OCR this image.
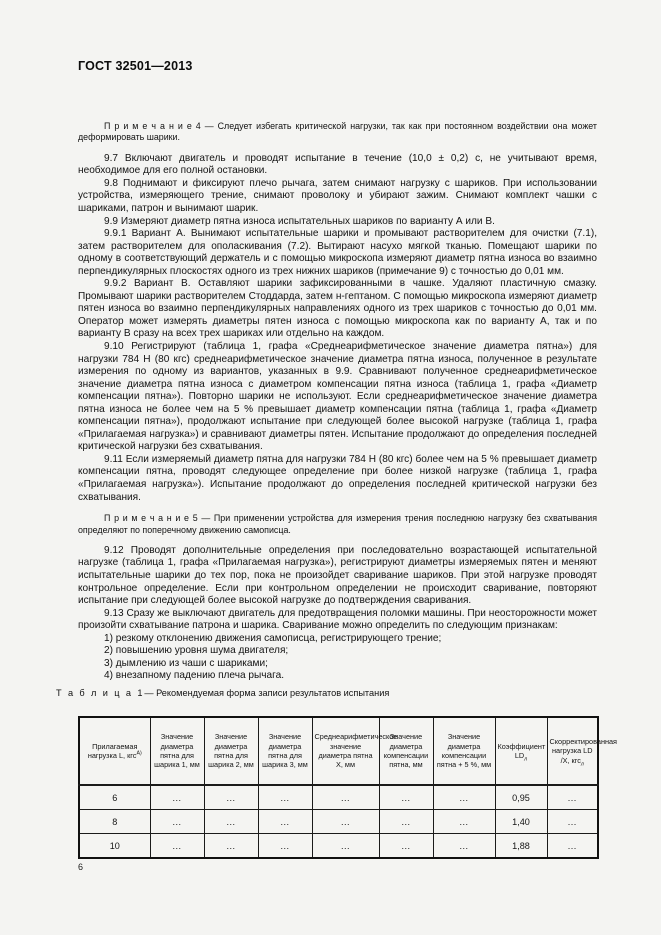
ГОСТ 32501—2013

П р и м е ч а н и е 4 — Следует избегать критической нагрузки, так как при постоянном воздействии она может деформировать шарики.

9.7 Включают двигатель и проводят испытание в течение (10,0 ± 0,2) с, не учитывают время, необходимое для его полной остановки.

9.8 Поднимают и фиксируют плечо рычага, затем снимают нагрузку с шариков. При использовании устройства, измеряющего трение, снимают проволоку и убирают зажим. Снимают комплект чашки с шариками, патрон и вынимают шарик.

9.9 Измеряют диаметр пятна износа испытательных шариков по варианту А или В.

9.9.1 Вариант А. Вынимают испытательные шарики и промывают растворителем для очистки (7.1), затем растворителем для ополаскивания (7.2). Вытирают насухо мягкой тканью. Помещают шарики по одному в соответствующий держатель и с помощью микроскопа измеряют диаметр пятна износа во взаимно перпендикулярных плоскостях одного из трех нижних шариков (примечание 9) с точностью до 0,01 мм.

9.9.2 Вариант В. Оставляют шарики зафиксированными в чашке. Удаляют пластичную смазку. Промывают шарики растворителем Стоддарда, затем н-гептаном. С помощью микроскопа измеряют диаметр пятен износа во взаимно перпендикулярных направлениях одного из трех шариков с точностью до 0,01 мм. Оператор может измерять диаметры пятен износа с помощью микроскопа как по варианту А, так и по варианту В сразу на всех трех шариках или отдельно на каждом.

9.10 Регистрируют (таблица 1, графа «Среднеарифметическое значение диаметра пятна») для нагрузки 784 Н (80 кгс) среднеарифметическое значение диаметра пятна износа, полученное в результате измерения по одному из вариантов, указанных в 9.9. Сравнивают полученное среднеарифметическое значение диаметра пятна износа с диаметром компенсации пятна износа (таблица 1, графа «Диаметр компенсации пятна»). Повторно шарики не используют. Если среднеарифметическое значение диаметра пятна износа не более чем на 5 % превышает диаметр компенсации пятна (таблица 1, графа «Диаметр компенсации пятна»), продолжают испытание при следующей более высокой нагрузке (таблица 1, графа «Прилагаемая нагрузка») и сравнивают диаметры пятен. Испытание продолжают до определения последней критической нагрузки без схватывания.

9.11 Если измеряемый диаметр пятна для нагрузки 784 Н (80 кгс) более чем на 5 % превышает диаметр компенсации пятна, проводят следующее определение при более низкой нагрузке (таблица 1, графа «Прилагаемая нагрузка»). Испытание продолжают до определения последней критической нагрузки без схватывания.

П р и м е ч а н и е 5 — При применении устройства для измерения трения последнюю нагрузку без схватывания определяют по поперечному движению самописца.

9.12 Проводят дополнительные определения при последовательно возрастающей испытательной нагрузке (таблица 1, графа «Прилагаемая нагрузка»), регистрируют диаметры измеряемых пятен и меняют испытательные шарики до тех пор, пока не произойдет сваривание шариков. При этой нагрузке проводят контрольное определение. Если при контрольном определении не происходит сваривание, повторяют испытание при следующей более высокой нагрузке до подтверждения сваривания.

9.13 Сразу же выключают двигатель для предотвращения поломки машины. При неосторожности может произойти схватывание патрона и шарика. Сваривание можно определить по следующим признакам:

1) резкому отклонению движения самописца, регистрирующего трение;

2) повышению уровня шума двигателя;

3) дымлению из чаши с шариками;

4) внезапному падению плеча рычага.

Т а б л и ц а 1— Рекомендуемая форма записи результатов испытания
Прилагаемая нагрузка L, кгс$^{А)}$	Значение диаметра пятна для шарика 1, мм	Значение диаметра пятна для шарика 2, мм	Значение диаметра пятна для шарика 3, мм	Среднеарифметическое значение диаметра пятна X, мм	Значение диаметра компенсации пятна, мм	Значение диаметра компенсации пятна + 5 %, мм	Коэффициент $LD_л$	Скорректированная нагрузка LD /X, кгс$_л$
6	...	...	...	...	...	...	0,95	...
8	...	...	...	...	...	...	1,40	...
10	...	...	...	...	...	...	1,88	...
6
